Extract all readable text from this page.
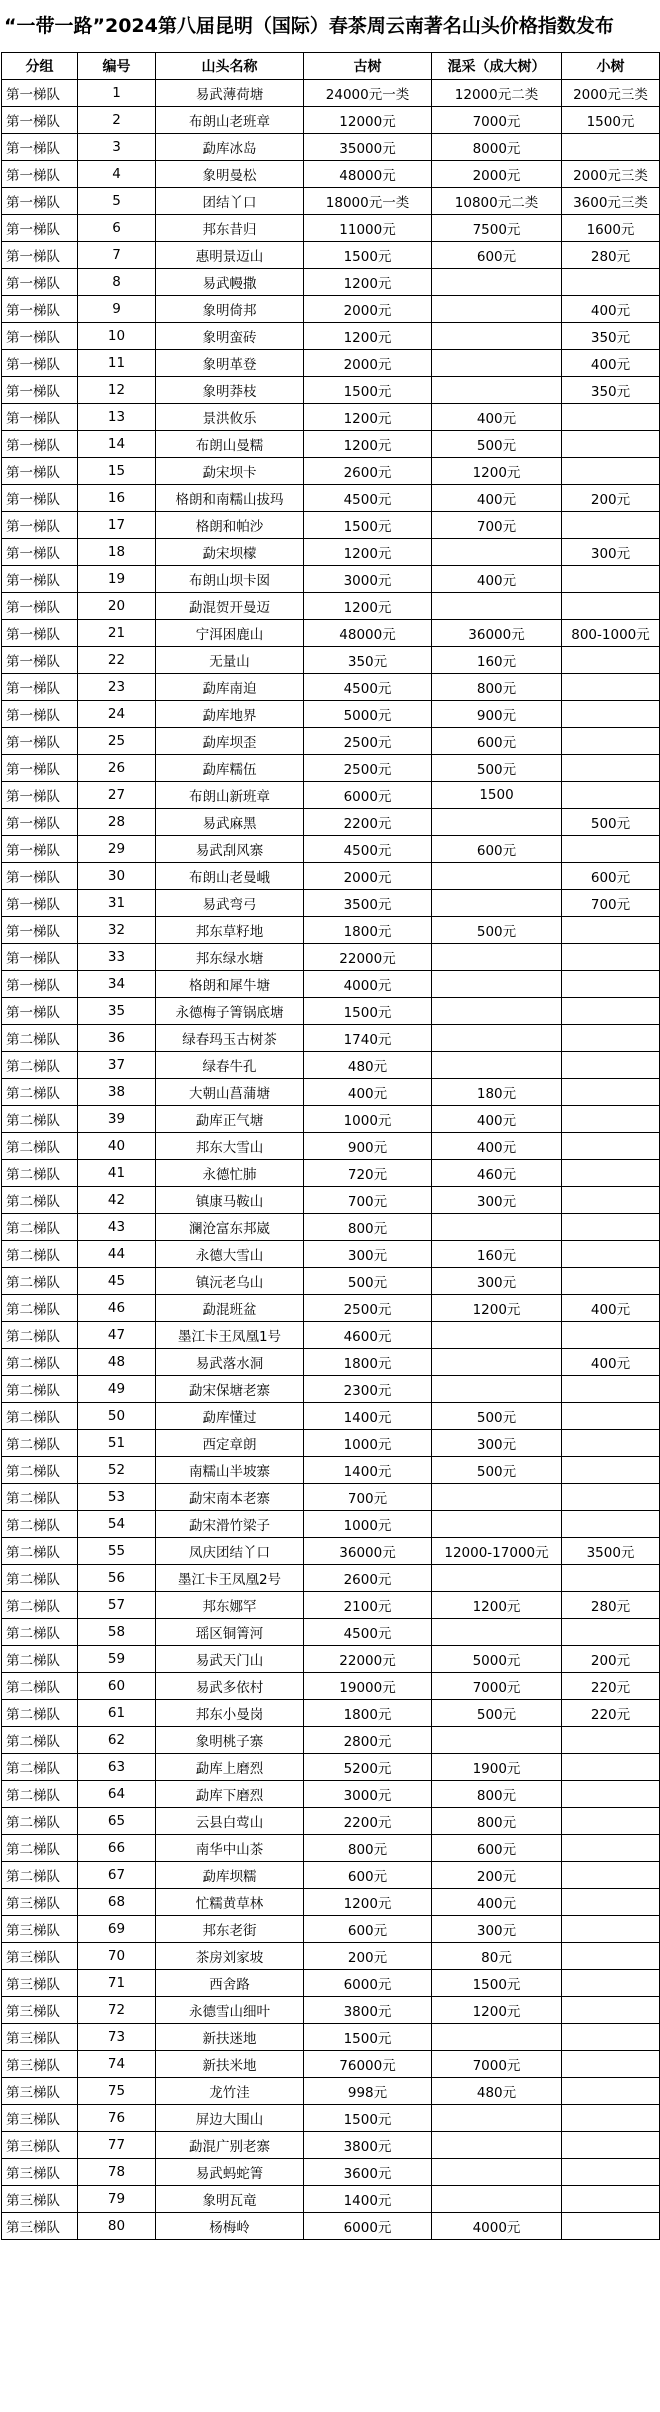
“一带一路”2024第八届昆明（国际）春茶周云南著名山头价格指数发布
分组	编号	山头名称	古树	混采（成大树）	小树
第一梯队	1	易武薄荷塘	24000元一类	12000元二类	2000元三类
第一梯队	2	布朗山老班章	12000元	7000元	1500元
第一梯队	3	勐库冰岛	35000元	8000元	
第一梯队	4	象明曼松	48000元	2000元	2000元三类
第一梯队	5	团结丫口	18000元一类	10800元二类	3600元三类
第一梯队	6	邦东昔归	11000元	7500元	1600元
第一梯队	7	惠明景迈山	1500元	600元	280元
第一梯队	8	易武幔撒	1200元		
第一梯队	9	象明倚邦	2000元		400元
第一梯队	10	象明蛮砖	1200元		350元
第一梯队	11	象明革登	2000元		400元
第一梯队	12	象明莽枝	1500元		350元
第一梯队	13	景洪攸乐	1200元	400元	
第一梯队	14	布朗山曼糯	1200元	500元	
第一梯队	15	勐宋坝卡	2600元	1200元	
第一梯队	16	格朗和南糯山拔玛	4500元	400元	200元
第一梯队	17	格朗和帕沙	1500元	700元	
第一梯队	18	勐宋坝檬	1200元		300元
第一梯队	19	布朗山坝卡囡	3000元	400元	
第一梯队	20	勐混贺开曼迈	1200元		
第一梯队	21	宁洱困鹿山	48000元	36000元	800-1000元
第一梯队	22	无量山	350元	160元	
第一梯队	23	勐库南迫	4500元	800元	
第一梯队	24	勐库地界	5000元	900元	
第一梯队	25	勐库坝歪	2500元	600元	
第一梯队	26	勐库糯伍	2500元	500元	
第一梯队	27	布朗山新班章	6000元	1500	
第一梯队	28	易武麻黑	2200元		500元
第一梯队	29	易武刮风寨	4500元	600元	
第一梯队	30	布朗山老曼峨	2000元		600元
第一梯队	31	易武弯弓	3500元		700元
第一梯队	32	邦东草籽地	1800元	500元	
第一梯队	33	邦东绿水塘	22000元		
第一梯队	34	格朗和犀牛塘	4000元		
第一梯队	35	永德梅子箐锅底塘	1500元		
第二梯队	36	绿春玛玉古树茶	1740元		
第二梯队	37	绿春牛孔	480元		
第二梯队	38	大朝山菖蒲塘	400元	180元	
第二梯队	39	勐库正气塘	1000元	400元	
第二梯队	40	邦东大雪山	900元	400元	
第二梯队	41	永德忙肺	720元	460元	
第二梯队	42	镇康马鞍山	700元	300元	
第二梯队	43	澜沧富东邦崴	800元		
第二梯队	44	永德大雪山	300元	160元	
第二梯队	45	镇沅老乌山	500元	300元	
第二梯队	46	勐混班盆	2500元	1200元	400元
第二梯队	47	墨江卡王凤凰1号	4600元		
第二梯队	48	易武落水洞	1800元		400元
第二梯队	49	勐宋保塘老寨	2300元		
第二梯队	50	勐库懂过	1400元	500元	
第二梯队	51	西定章朗	1000元	300元	
第二梯队	52	南糯山半坡寨	1400元	500元	
第二梯队	53	勐宋南本老寨	700元		
第二梯队	54	勐宋滑竹梁子	1000元		
第二梯队	55	凤庆团结丫口	36000元	12000-17000元	3500元
第二梯队	56	墨江卡王凤凰2号	2600元		
第二梯队	57	邦东娜罕	2100元	1200元	280元
第二梯队	58	瑶区铜箐河	4500元		
第二梯队	59	易武天门山	22000元	5000元	200元
第二梯队	60	易武多依村	19000元	7000元	220元
第二梯队	61	邦东小曼岗	1800元	500元	220元
第二梯队	62	象明桃子寨	2800元		
第二梯队	63	勐库上磨烈	5200元	1900元	
第二梯队	64	勐库下磨烈	3000元	800元	
第二梯队	65	云县白莺山	2200元	800元	
第二梯队	66	南华中山茶	800元	600元	
第二梯队	67	勐库坝糯	600元	200元	
第三梯队	68	忙糯黄草林	1200元	400元	
第三梯队	69	邦东老街	600元	300元	
第三梯队	70	茶房刘家坡	200元	80元	
第三梯队	71	西舍路	6000元	1500元	
第三梯队	72	永德雪山细叶	3800元	1200元	
第三梯队	73	新扶迷地	1500元		
第三梯队	74	新扶米地	76000元	7000元	
第三梯队	75	龙竹洼	998元	480元	
第三梯队	76	屏边大围山	1500元		
第三梯队	77	勐混广别老寨	3800元		
第三梯队	78	易武蚂蛇箐	3600元		
第三梯队	79	象明瓦竜	1400元		
第三梯队	80	杨梅岭	6000元	4000元	
